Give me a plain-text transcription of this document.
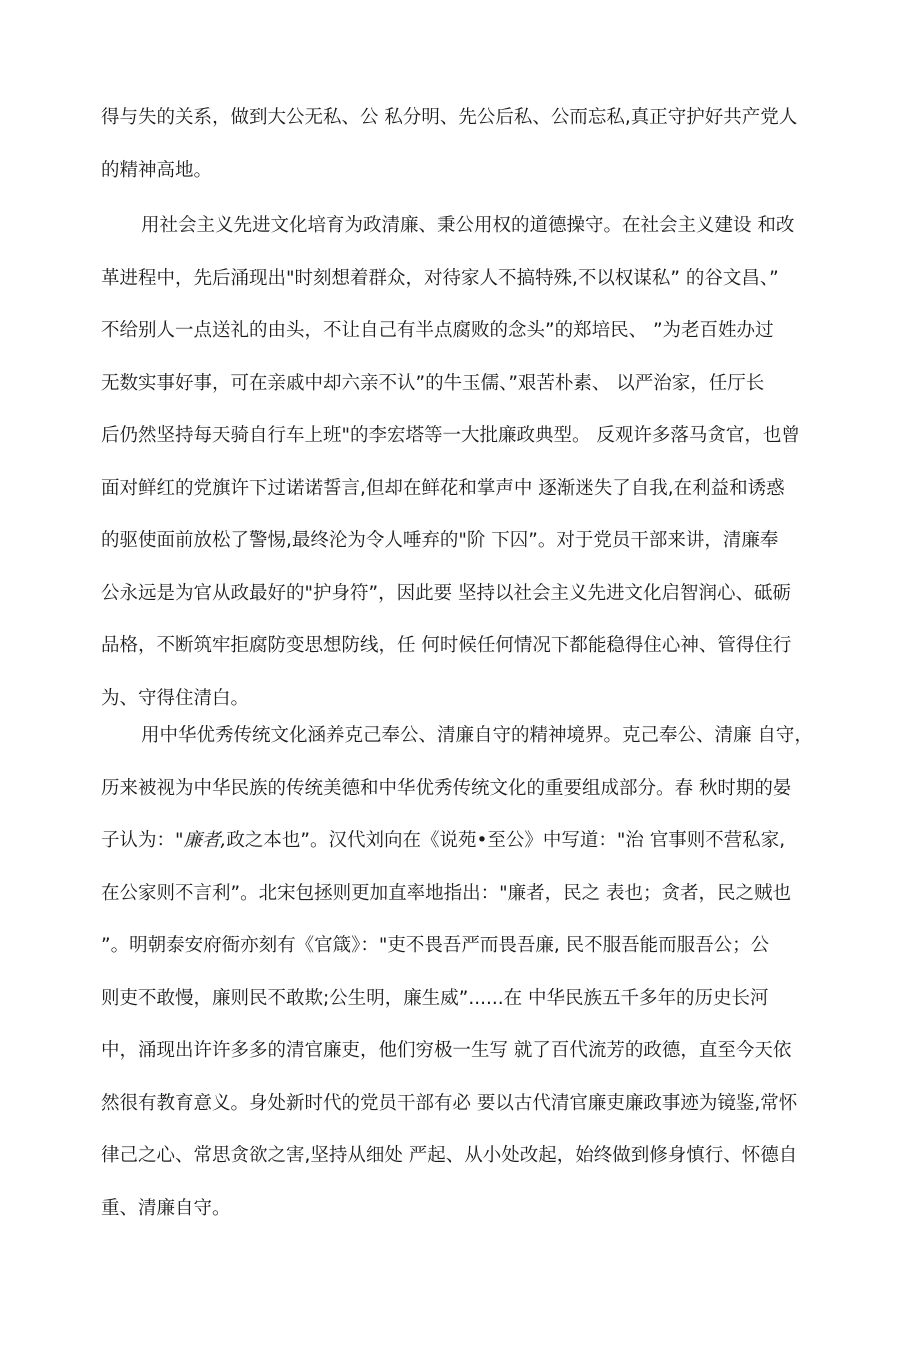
得与失的关系，做到大公无私、公 私分明、先公后私、公而忘私,真正守护好共产党人
的精神高地。
用社会主义先进文化培育为政清廉、秉公用权的道德操守。在社会主义建设 和改
革进程中，先后涌现出"时刻想着群众，对待家人不搞特殊,不以权谋私” 的谷文昌、”
不给别人一点送礼的由头，不让自己有半点腐败的念头”的郑培民、 ”为老百姓办过
无数实事好事，可在亲戚中却六亲不认”的牛玉儒、”艰苦朴素、 以严治家，任厅长
后仍然坚持每天骑自行车上班"的李宏塔等一大批廉政典型。 反观许多落马贪官，也曾
面对鲜红的党旗许下过诺诺誓言,但却在鲜花和掌声中 逐渐迷失了自我,在利益和诱惑
的驱使面前放松了警惕,最终沦为令人唾弃的"阶 下囚”。对于党员干部来讲，清廉奉
公永远是为官从政最好的"护身符”，因此要 坚持以社会主义先进文化启智润心、砥砺
品格，不断筑牢拒腐防变思想防线，任 何时候任何情况下都能稳得住心神、管得住行
为、守得住清白。
用中华优秀传统文化涵养克己奉公、清廉自守的精神境界。克己奉公、清廉 自守，
历来被视为中华民族的传统美德和中华优秀传统文化的重要组成部分。春 秋时期的晏
子认为："廉者,政之本也”。汉代刘向在《说苑•至公》中写道："治 官事则不营私家,
在公家则不言利”。北宋包拯则更加直率地指出："廉者，民之 表也；贪者，民之贼也
”。明朝泰安府衙亦刻有《官箴》："吏不畏吾严而畏吾廉, 民不服吾能而服吾公；公
则吏不敢慢，廉则民不敢欺;公生明，廉生威”......在 中华民族五千多年的历史长河
中，涌现出许许多多的清官廉吏，他们穷极一生写 就了百代流芳的政德，直至今天依
然很有教育意义。身处新时代的党员干部有必 要以古代清官廉吏廉政事迹为镜鉴,常怀
律己之心、常思贪欲之害,坚持从细处 严起、从小处改起，始终做到修身慎行、怀德自
重、清廉自守。
